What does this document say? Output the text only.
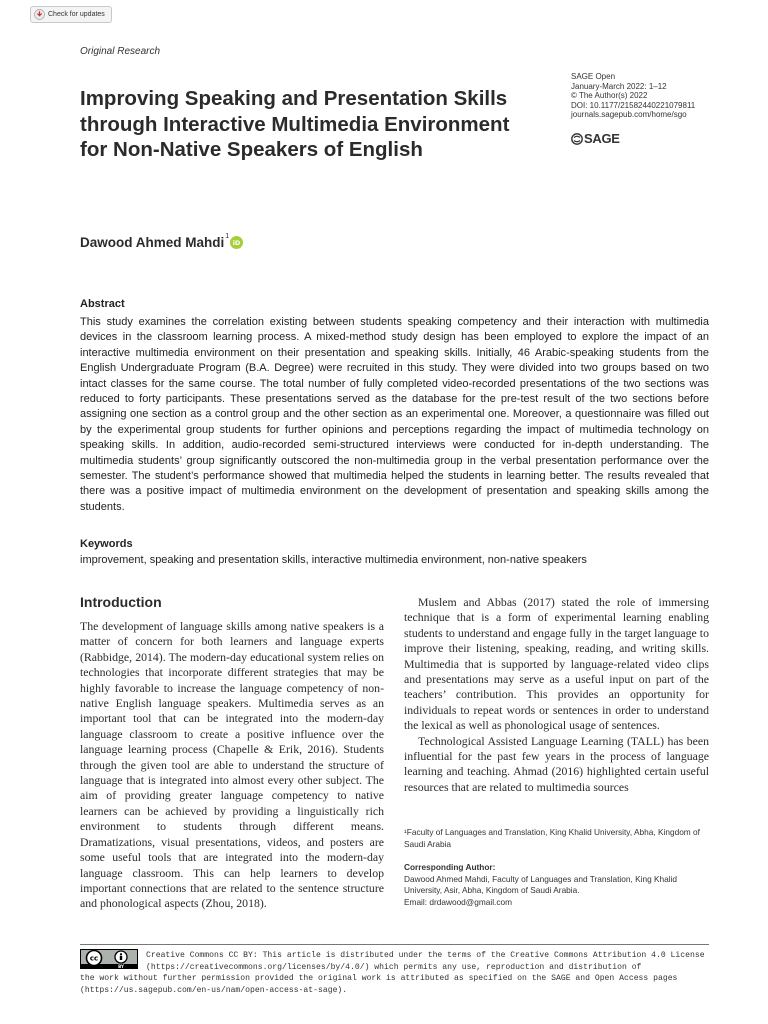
Check for updates
Original Research
Improving Speaking and Presentation Skills through Interactive Multimedia Environment for Non-Native Speakers of English
SAGE Open
January-March 2022: 1–12
© The Author(s) 2022
DOI: 10.1177/21582440221079811
journals.sagepub.com/home/sgo
SAGE
Dawood Ahmed Mahdi$^1$
iD
Abstract

This study examines the correlation existing between students speaking competency and their interaction with multimedia devices in the classroom learning process. A mixed-method study design has been employed to explore the impact of an interactive multimedia environment on their presentation and speaking skills. Initially, 46 Arabic-speaking students from the English Undergraduate Program (B.A. Degree) were recruited in this study. They were divided into two groups based on two intact classes for the same course. The total number of fully completed video-recorded presentations of the two sections was reduced to forty participants. These presentations served as the database for the pre-test result of the two sections before assigning one section as a control group and the other section as an experimental one. Moreover, a questionnaire was filled out by the experimental group students for further opinions and perceptions regarding the impact of multimedia technology on speaking skills. In addition, audio-recorded semi-structured interviews were conducted for in-depth understanding. The multimedia students’ group significantly outscored the non-multimedia group in the verbal presentation performance over the semester. The student’s performance showed that multimedia helped the students in learning better. The results revealed that there was a positive impact of multimedia environment on the development of presentation and speaking skills among the students.

Keywords
improvement, speaking and presentation skills, interactive multimedia environment, non-native speakers
Introduction

The development of language skills among native speakers is a matter of concern for both learners and language experts (Rabbidge, 2014). The modern-day educational system relies on technologies that incorporate different strategies that may be highly favorable to increase the language competency of non-native English language speakers. Multimedia serves as an important tool that can be integrated into the modern-day language classroom to create a positive influence over the language learning process (Chapelle & Erik, 2016). Students through the given tool are able to understand the structure of language that is integrated into almost every other subject. The aim of providing greater language competency to native learners can be achieved by providing a linguistically rich environment to students through different means. Dramatizations, visual presentations, videos, and posters are some useful tools that are integrated into the modern-day language classroom. This can help learners to develop important connections that are related to the sentence structure and phonological aspects (Zhou, 2018).

Muslem and Abbas (2017) stated the role of immersing technique that is a form of experimental learning enabling students to understand and engage fully in the target language to improve their listening, speaking, reading, and writing skills. Multimedia that is supported by language-related video clips and presentations may serve as a useful input on part of the teachers’ contribution. This provides an opportunity for individuals to repeat words or sentences in order to understand the lexical as well as phonological usage of sentences.

Technological Assisted Language Learning (TALL) has been influential for the past few years in the process of language learning and teaching. Ahmad (2016) highlighted certain useful resources that are related to multimedia sources

¹Faculty of Languages and Translation, King Khalid University, Abha, Kingdom of Saudi Arabia
Corresponding Author:
Dawood Ahmed Mahdi, Faculty of Languages and Translation, King Khalid University, Asir, Abha, Kingdom of Saudi Arabia.
Email: drdawood@gmail.com
cc
BY
Creative Commons CC BY: This article is distributed under the terms of the Creative Commons Attribution 4.0 License
(https://creativecommons.org/licenses/by/4.0/) which permits any use, reproduction and distribution of
the work without further permission provided the original work is attributed as specified on the SAGE and Open Access pages
(https://us.sagepub.com/en-us/nam/open-access-at-sage).
